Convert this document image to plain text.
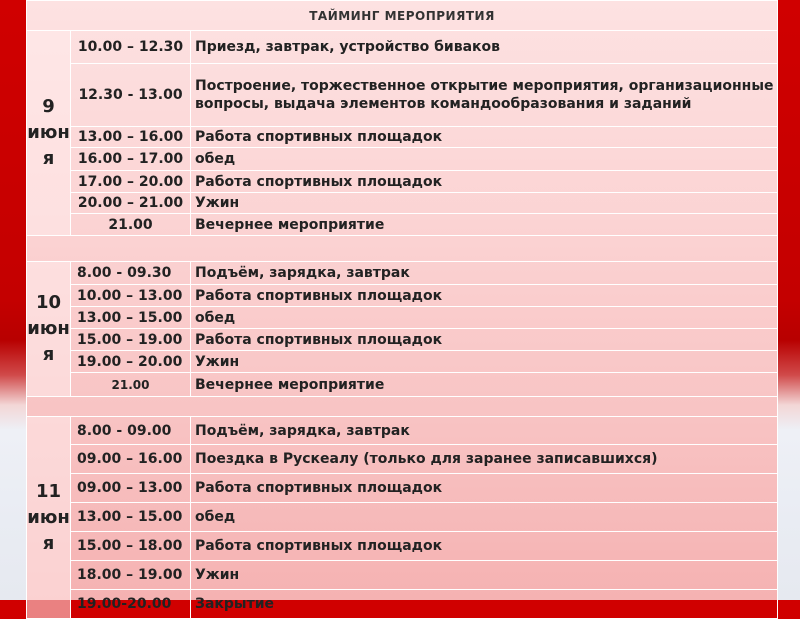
ТАЙМИНГ МЕРОПРИЯТИЯ		

9
июн
я	10.00 – 12.30	Приезд, завтрак, устройство биваков
	12.30 - 13.00	Построение, торжественное открытие мероприятия, организационные вопросы, выдача элементов командообразования и заданий
	13.00 – 16.00	Работа спортивных площадок
	16.00 – 17.00	обед
	17.00 – 20.00	Работа спортивных площадок
	20.00 – 21.00	Ужин
	21.00	Вечернее мероприятие

10
июн
я	8.00 - 09.30	Подъём, зарядка, завтрак
	10.00 – 13.00	Работа спортивных площадок
	13.00 – 15.00	обед
	15.00 – 19.00	Работа спортивных площадок
	19.00 – 20.00	Ужин
	21.00	Вечернее мероприятие

11
июн
я	8.00 - 09.00	Подъём, зарядка, завтрак
	09.00 – 16.00	Поездка в Рускеалу (только для заранее записавшихся)
	09.00 – 13.00	Работа спортивных площадок
	13.00 – 15.00	обед
	15.00 – 18.00	Работа спортивных площадок
	18.00 – 19.00	Ужин
	19.00-20.00	Закрытие
